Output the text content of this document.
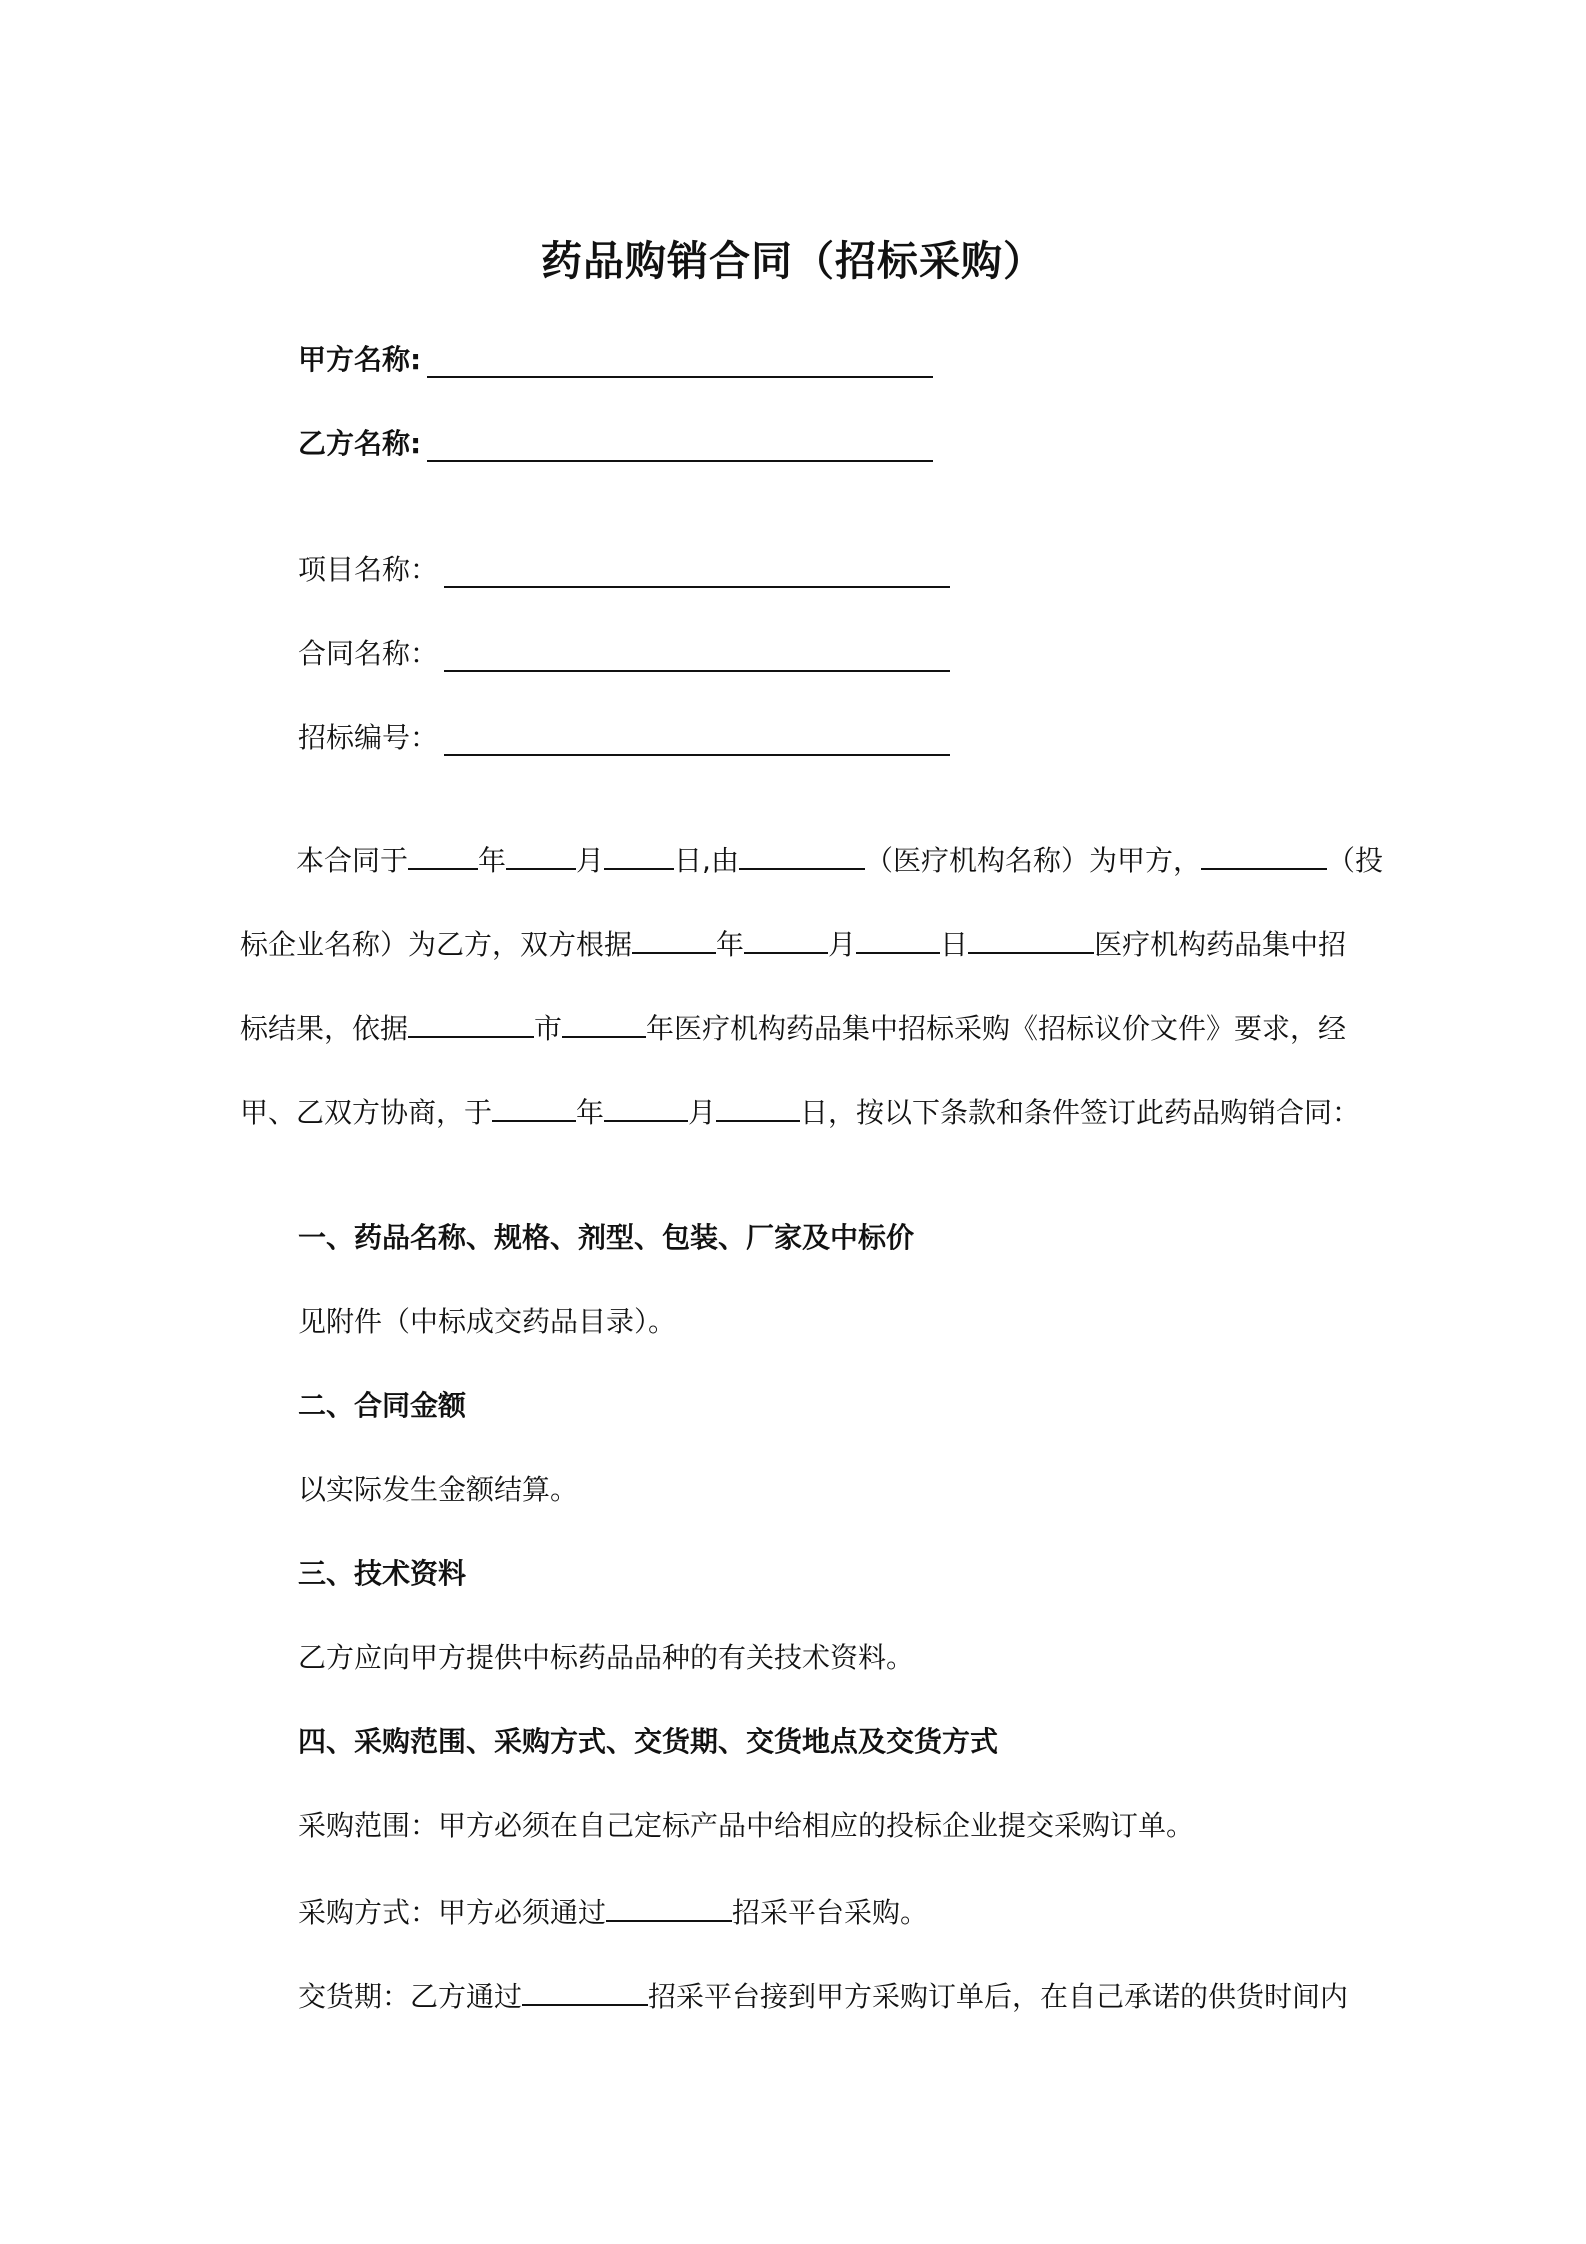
药品购销合同（招标采购）
甲方名称:
乙方名称:
项目名称：
合同名称：
招标编号：
本合同于	年	月	日,由	（医疗机构名称）为甲方，	（投
标企业名称）为乙方，双方根据	年	月	日	医疗机构药品集中招
标结果，依据	市	年医疗机构药品集中招标采购《招标议价文件》要求，经
甲、乙双方协商，于	年	月	日，按以下条款和条件签订此药品购销合同：
一、药品名称、规格、剂型、包装、厂家及中标价
见附件（中标成交药品目录）。
二、合同金额
以实际发生金额结算。
三、技术资料
乙方应向甲方提供中标药品品种的有关技术资料。
四、采购范围、采购方式、交货期、交货地点及交货方式
采购范围：甲方必须在自己定标产品中给相应的投标企业提交采购订单。
采购方式：甲方必须通过	招采平台采购。
交货期：乙方通过	招采平台接到甲方采购订单后，在自己承诺的供货时间内
